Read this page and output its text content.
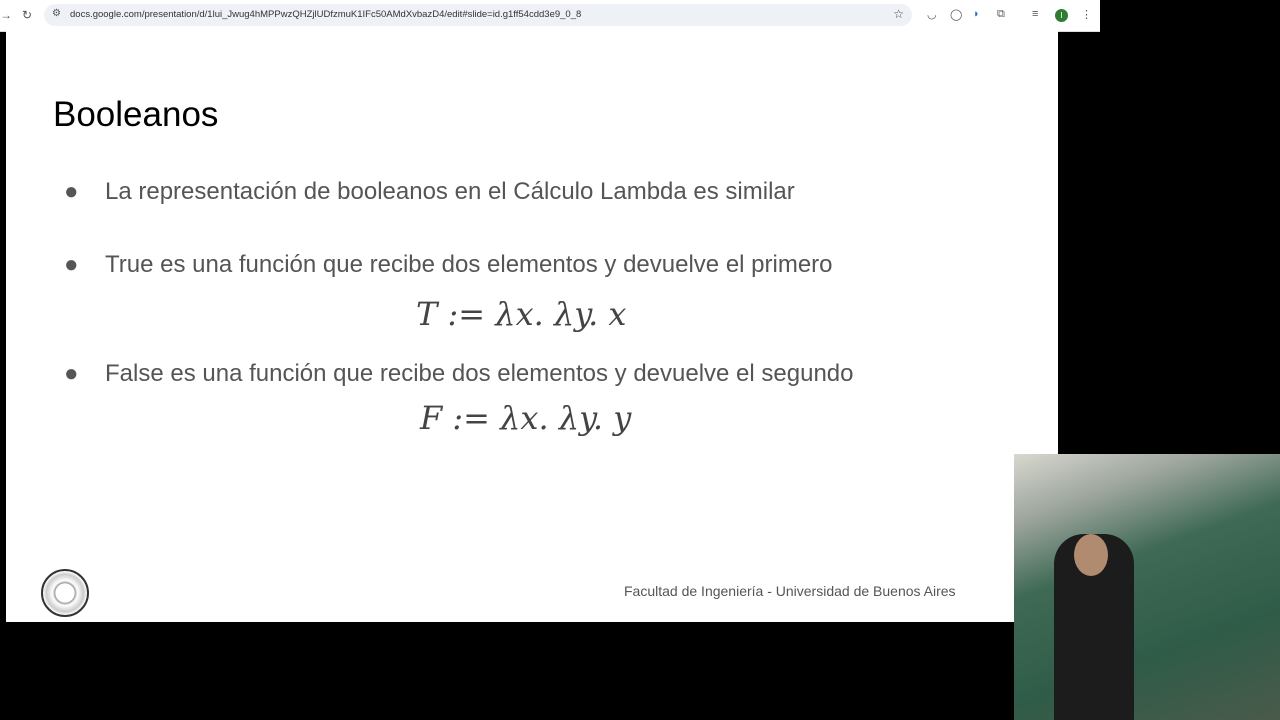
→ ↻ ⚙ docs.google.com/presentation/d/1lui_Jwug4hMPPwzQHZjlUDfzmuK1IFc50AMdXvbazD4/edit#slide=id.g1ff54cdd3e9_0_8	☆ ◡ ◯ ◗ ⧉ ≡	I	⋮
Booleanos
● La representación de booleanos en el Cálculo Lambda es similar
● True es una función que recibe dos elementos y devuelve el primero
T := λx. λy. x
● False es una función que recibe dos elementos y devuelve el segundo
F := λx. λy. y
Facultad de Ingeniería - Universidad de Buenos Aires
